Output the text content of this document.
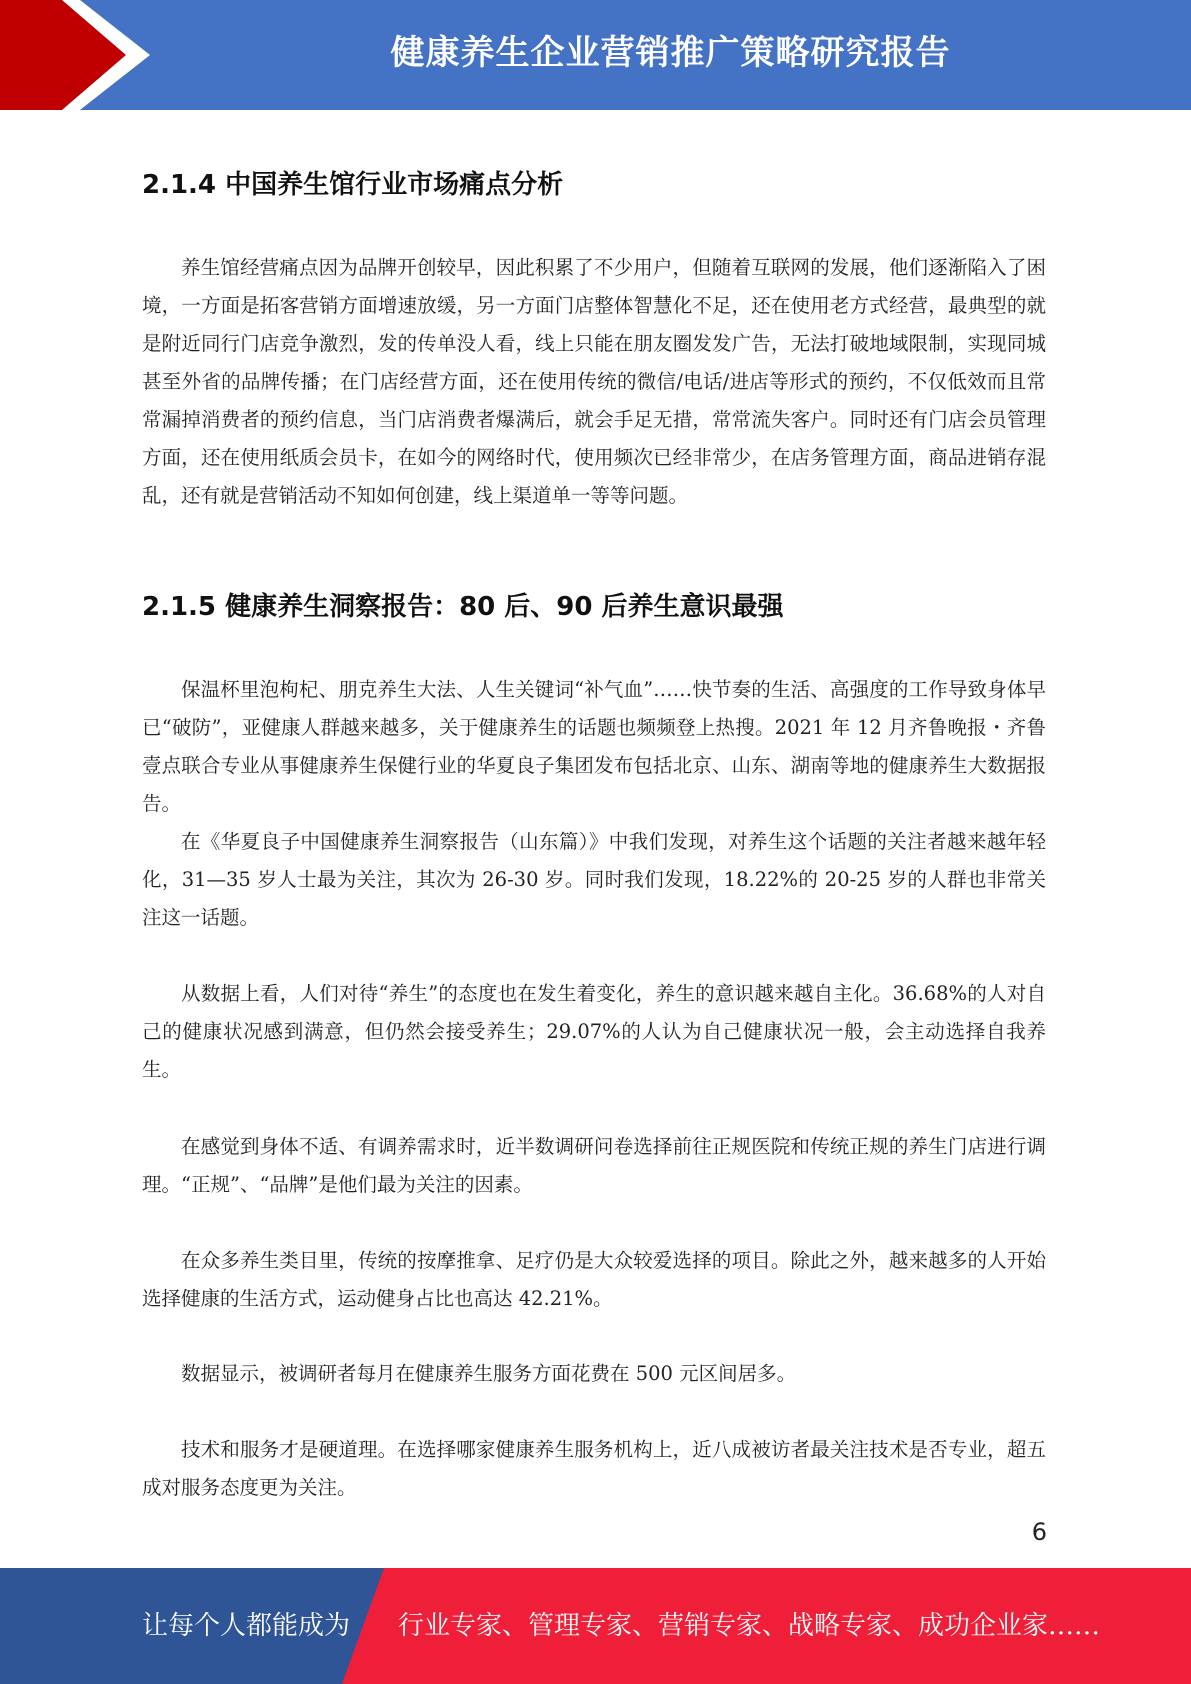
健康养生企业营销推广策略研究报告
2.1.4 中国养生馆行业市场痛点分析

养生馆经营痛点因为品牌开创较早，因此积累了不少用户，但随着互联网的发展，他们逐渐陷入了困境，一方面是拓客营销方面增速放缓，另一方面门店整体智慧化不足，还在使用老方式经营，最典型的就是附近同行门店竞争激烈，发的传单没人看，线上只能在朋友圈发发广告，无法打破地域限制，实现同城甚至外省的品牌传播；在门店经营方面，还在使用传统的微信/电话/进店等形式的预约，不仅低效而且常常漏掉消费者的预约信息，当门店消费者爆满后，就会手足无措，常常流失客户。同时还有门店会员管理方面，还在使用纸质会员卡，在如今的网络时代，使用频次已经非常少，在店务管理方面，商品进销存混乱，还有就是营销活动不知如何创建，线上渠道单一等等问题。

2.1.5 健康养生洞察报告：80 后、90 后养生意识最强

保温杯里泡枸杞、朋克养生大法、人生关键词“补气血”……快节奏的生活、高强度的工作导致身体早已“破防”，亚健康人群越来越多，关于健康养生的话题也频频登上热搜。2021 年 12 月齐鲁晚报・齐鲁壹点联合专业从事健康养生保健行业的华夏良子集团发布包括北京、山东、湖南等地的健康养生大数据报告。

在《华夏良子中国健康养生洞察报告（山东篇）》中我们发现，对养生这个话题的关注者越来越年轻化，31—35 岁人士最为关注，其次为 26-30 岁。同时我们发现，18.22%的 20-25 岁的人群也非常关注这一话题。

从数据上看，人们对待“养生”的态度也在发生着变化，养生的意识越来越自主化。36.68%的人对自己的健康状况感到满意，但仍然会接受养生；29.07%的人认为自己健康状况一般，会主动选择自我养生。

在感觉到身体不适、有调养需求时，近半数调研问卷选择前往正规医院和传统正规的养生门店进行调理。“正规”、“品牌”是他们最为关注的因素。

在众多养生类目里，传统的按摩推拿、足疗仍是大众较爱选择的项目。除此之外，越来越多的人开始选择健康的生活方式，运动健身占比也高达 42.21%。

数据显示，被调研者每月在健康养生服务方面花费在 500 元区间居多。

技术和服务才是硬道理。在选择哪家健康养生服务机构上，近八成被访者最关注技术是否专业，超五成对服务态度更为关注。

6
让每个人都能成为 行业专家、管理专家、营销专家、战略专家、成功企业家……
